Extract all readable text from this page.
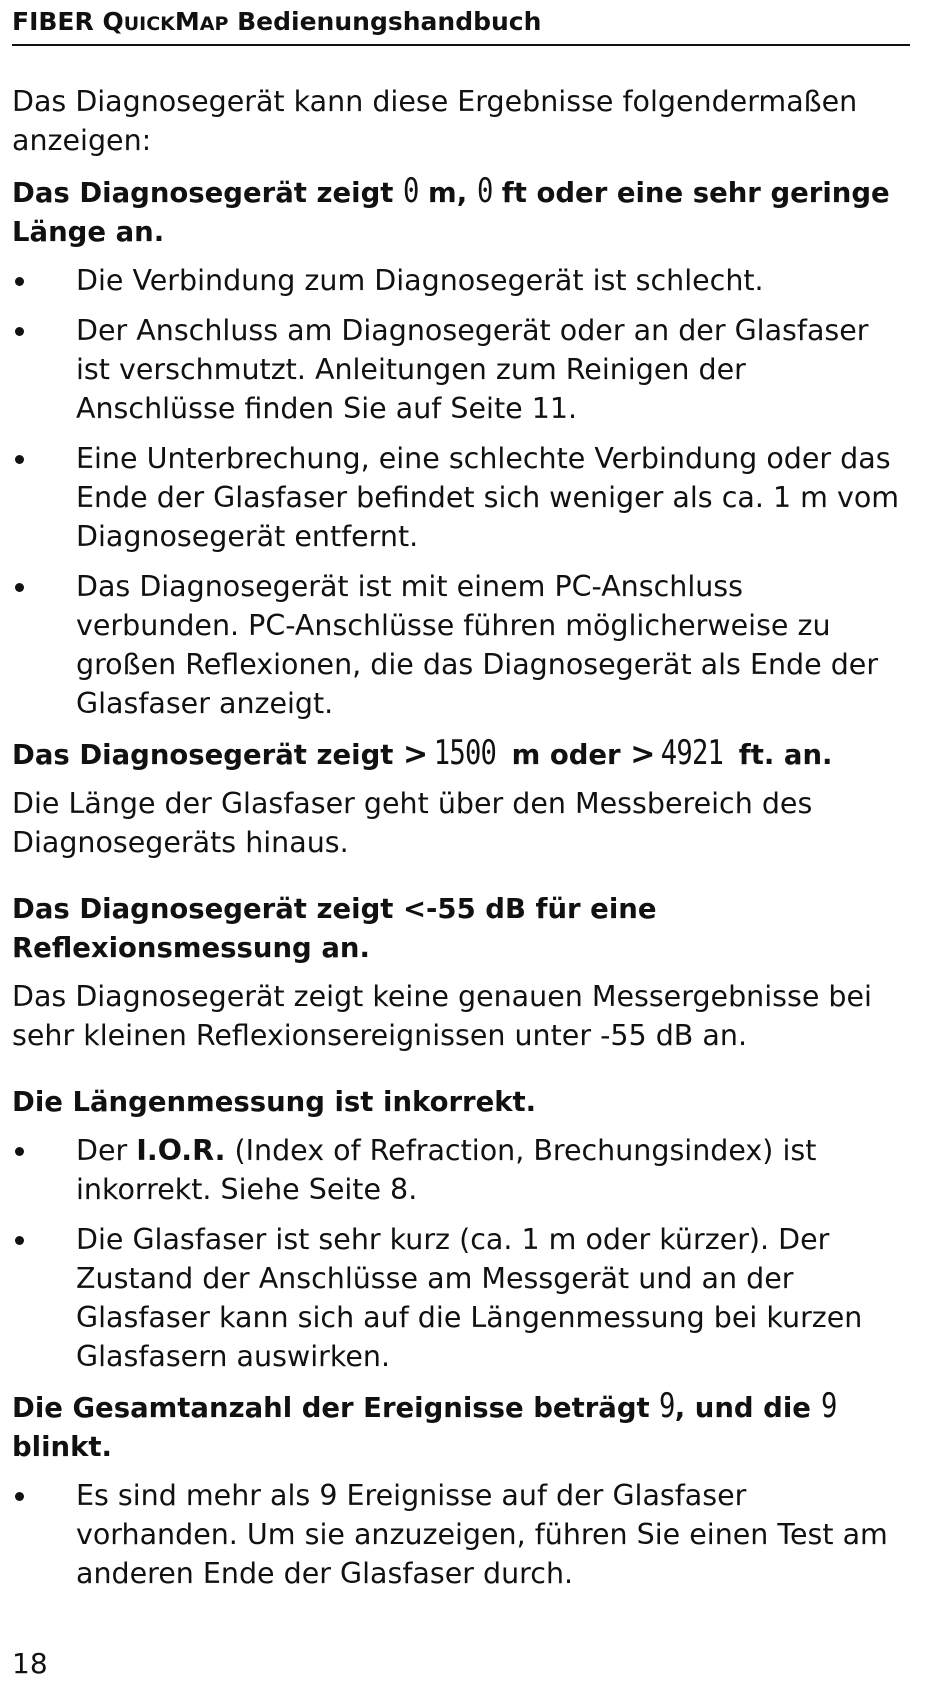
FIBER QUICKMAP Bedienungshandbuch

Das Diagnosegerät kann diese Ergebnisse folgendermaßen anzeigen:

Das Diagnosegerät zeigt 0 m, 0 ft oder eine sehr geringe Länge an.

Die Verbindung zum Diagnosegerät ist schlecht.
Der Anschluss am Diagnosegerät oder an der Glasfaser ist verschmutzt. Anleitungen zum Reinigen der Anschlüsse finden Sie auf Seite 11.
Eine Unterbrechung, eine schlechte Verbindung oder das Ende der Glasfaser befindet sich weniger als ca. 1 m vom Diagnosegerät entfernt.
Das Diagnosegerät ist mit einem PC-Anschluss verbunden. PC-Anschlüsse führen möglicherweise zu großen Reflexionen, die das Diagnosegerät als Ende der Glasfaser anzeigt.

Das Diagnosegerät zeigt > 1500 m oder > 4921 ft. an.

Die Länge der Glasfaser geht über den Messbereich des Diagnosegeräts hinaus.

Das Diagnosegerät zeigt <-55 dB für eine Reflexionsmessung an.

Das Diagnosegerät zeigt keine genauen Messergebnisse bei sehr kleinen Reflexionsereignissen unter -55 dB an.

Die Längenmessung ist inkorrekt.

Der I.O.R. (Index of Refraction, Brechungsindex) ist inkorrekt. Siehe Seite 8.
Die Glasfaser ist sehr kurz (ca. 1 m oder kürzer). Der Zustand der Anschlüsse am Messgerät und an der Glasfaser kann sich auf die Längenmessung bei kurzen Glasfasern auswirken.

Die Gesamtanzahl der Ereignisse beträgt 9, und die 9 blinkt.

Es sind mehr als 9 Ereignisse auf der Glasfaser vorhanden. Um sie anzuzeigen, führen Sie einen Test am anderen Ende der Glasfaser durch.
18
